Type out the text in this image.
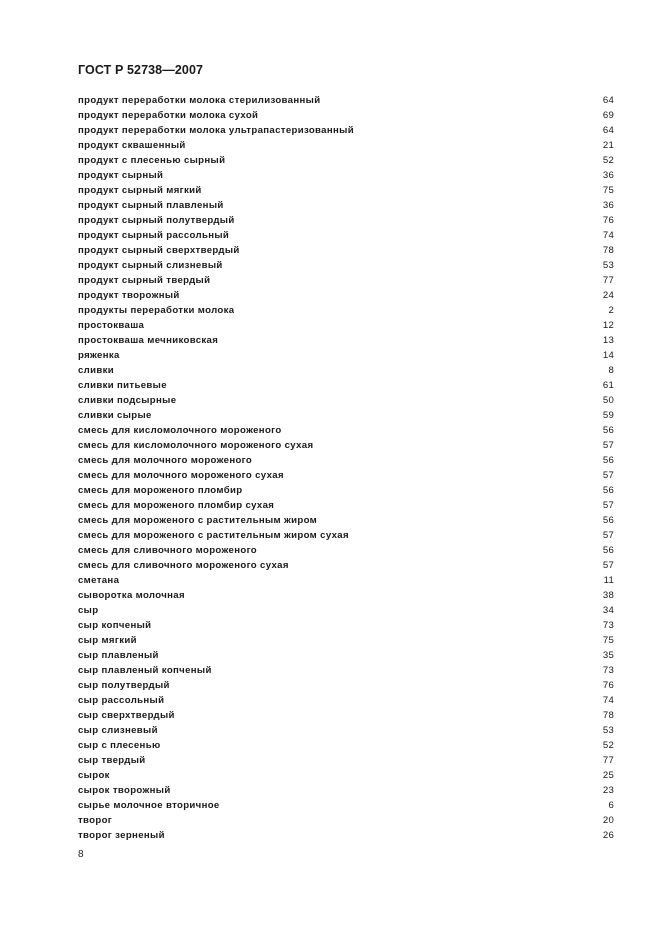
ГОСТ Р 52738—2007
продукт переработки молока стерилизованный	64
продукт переработки молока сухой	69
продукт переработки молока ультрапастеризованный	64
продукт сквашенный	21
продукт с плесенью сырный	52
продукт сырный	36
продукт сырный мягкий	75
продукт сырный плавленый	36
продукт сырный полутвердый	76
продукт сырный рассольный	74
продукт сырный сверхтвердый	78
продукт сырный слизневый	53
продукт сырный твердый	77
продукт творожный	24
продукты переработки молока	2
простокваша	12
простокваша мечниковская	13
ряженка	14
сливки	8
сливки питьевые	61
сливки подсырные	50
сливки сырые	59
смесь для кисломолочного мороженого	56
смесь для кисломолочного мороженого сухая	57
смесь для молочного мороженого	56
смесь для молочного мороженого сухая	57
смесь для мороженого пломбир	56
смесь для мороженого пломбир сухая	57
смесь для мороженого с растительным жиром	56
смесь для мороженого с растительным жиром сухая	57
смесь для сливочного мороженого	56
смесь для сливочного мороженого сухая	57
сметана	11
сыворотка молочная	38
сыр	34
сыр копченый	73
сыр мягкий	75
сыр плавленый	35
сыр плавленый копченый	73
сыр полутвердый	76
сыр рассольный	74
сыр сверхтвердый	78
сыр слизневый	53
сыр с плесенью	52
сыр твердый	77
сырок	25
сырок творожный	23
сырье молочное вторичное	6
творог	20
творог зерненый	26
8
